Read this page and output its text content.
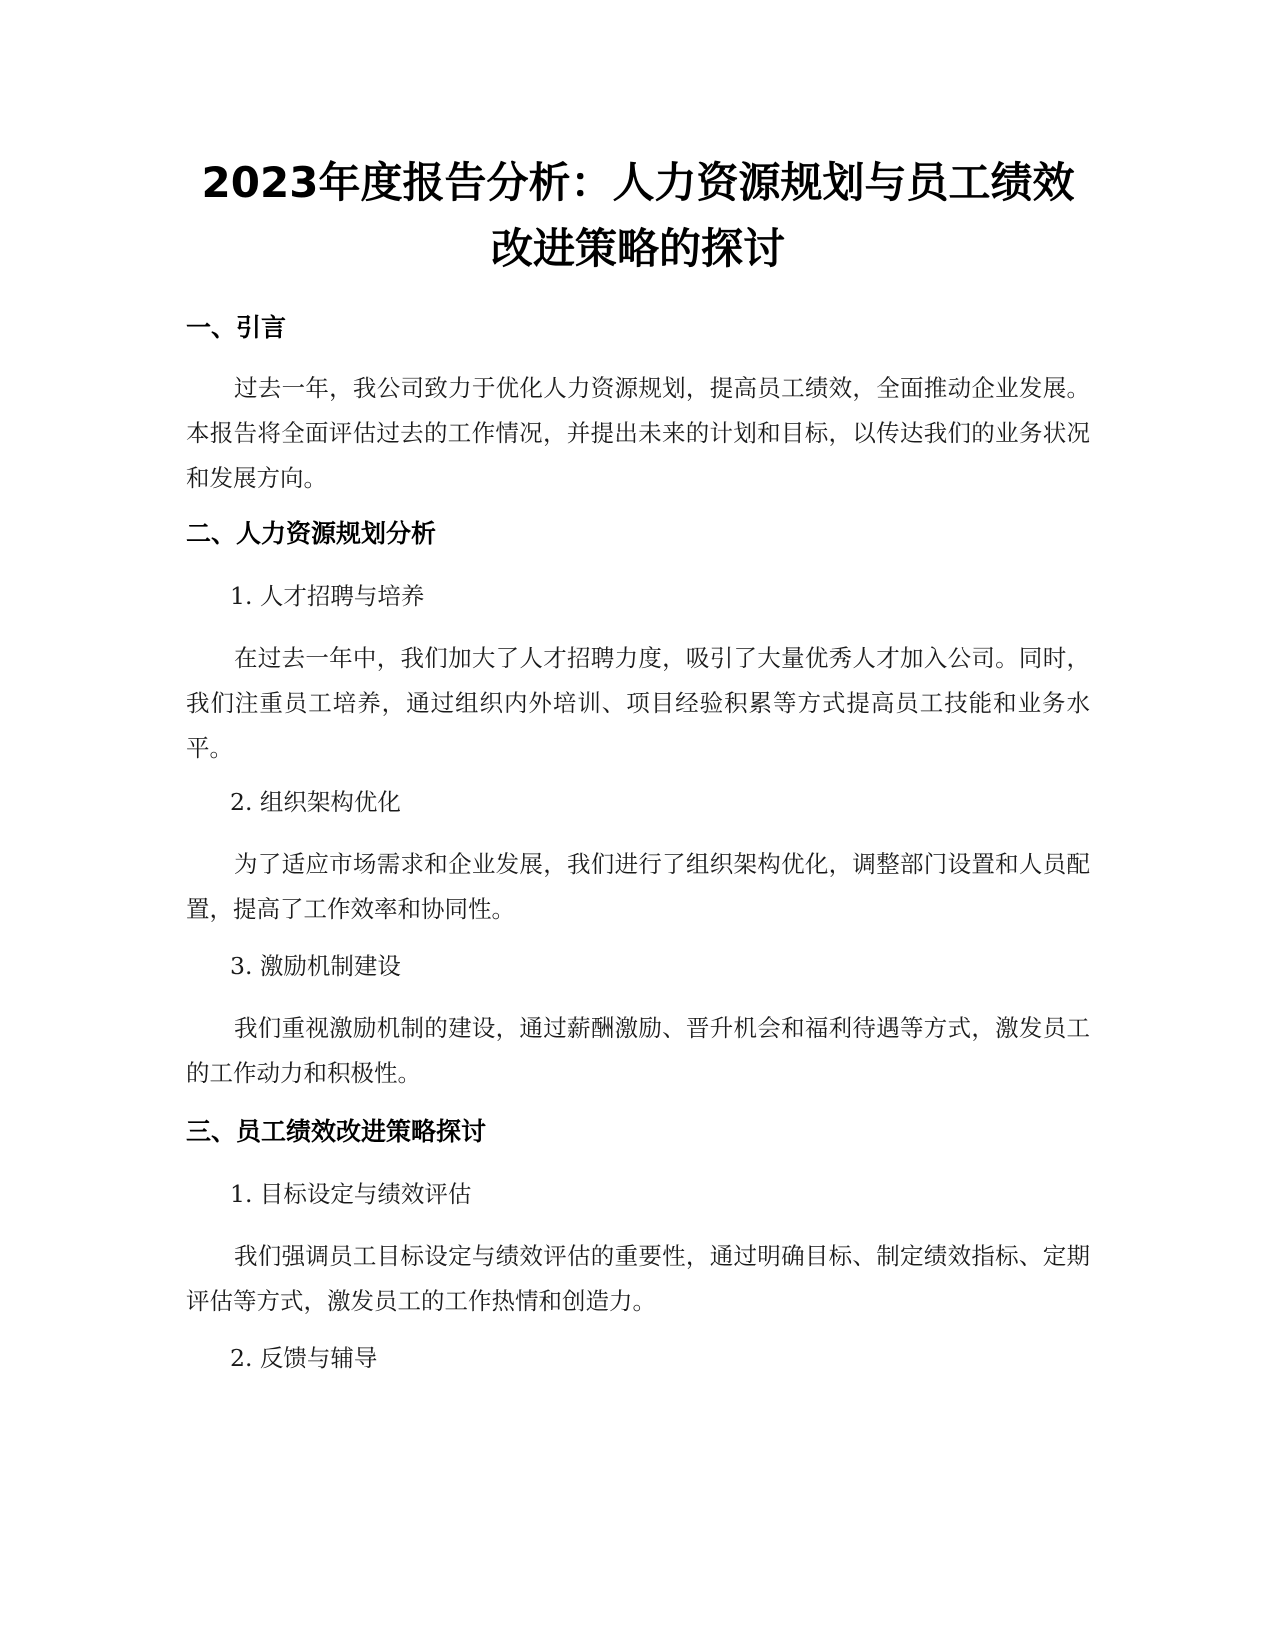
2023年度报告分析：人力资源规划与员工绩效改进策略的探讨
一、引言

过去一年，我公司致力于优化人力资源规划，提高员工绩效，全面推动企业发展。本报告将全面评估过去的工作情况，并提出未来的计划和目标，以传达我们的业务状况和发展方向。

二、人力资源规划分析

1. 人才招聘与培养

在过去一年中，我们加大了人才招聘力度，吸引了大量优秀人才加入公司。同时，我们注重员工培养，通过组织内外培训、项目经验积累等方式提高员工技能和业务水平。

2. 组织架构优化

为了适应市场需求和企业发展，我们进行了组织架构优化，调整部门设置和人员配置，提高了工作效率和协同性。

3. 激励机制建设

我们重视激励机制的建设，通过薪酬激励、晋升机会和福利待遇等方式，激发员工的工作动力和积极性。

三、员工绩效改进策略探讨

1. 目标设定与绩效评估

我们强调员工目标设定与绩效评估的重要性，通过明确目标、制定绩效指标、定期评估等方式，激发员工的工作热情和创造力。

2. 反馈与辅导
